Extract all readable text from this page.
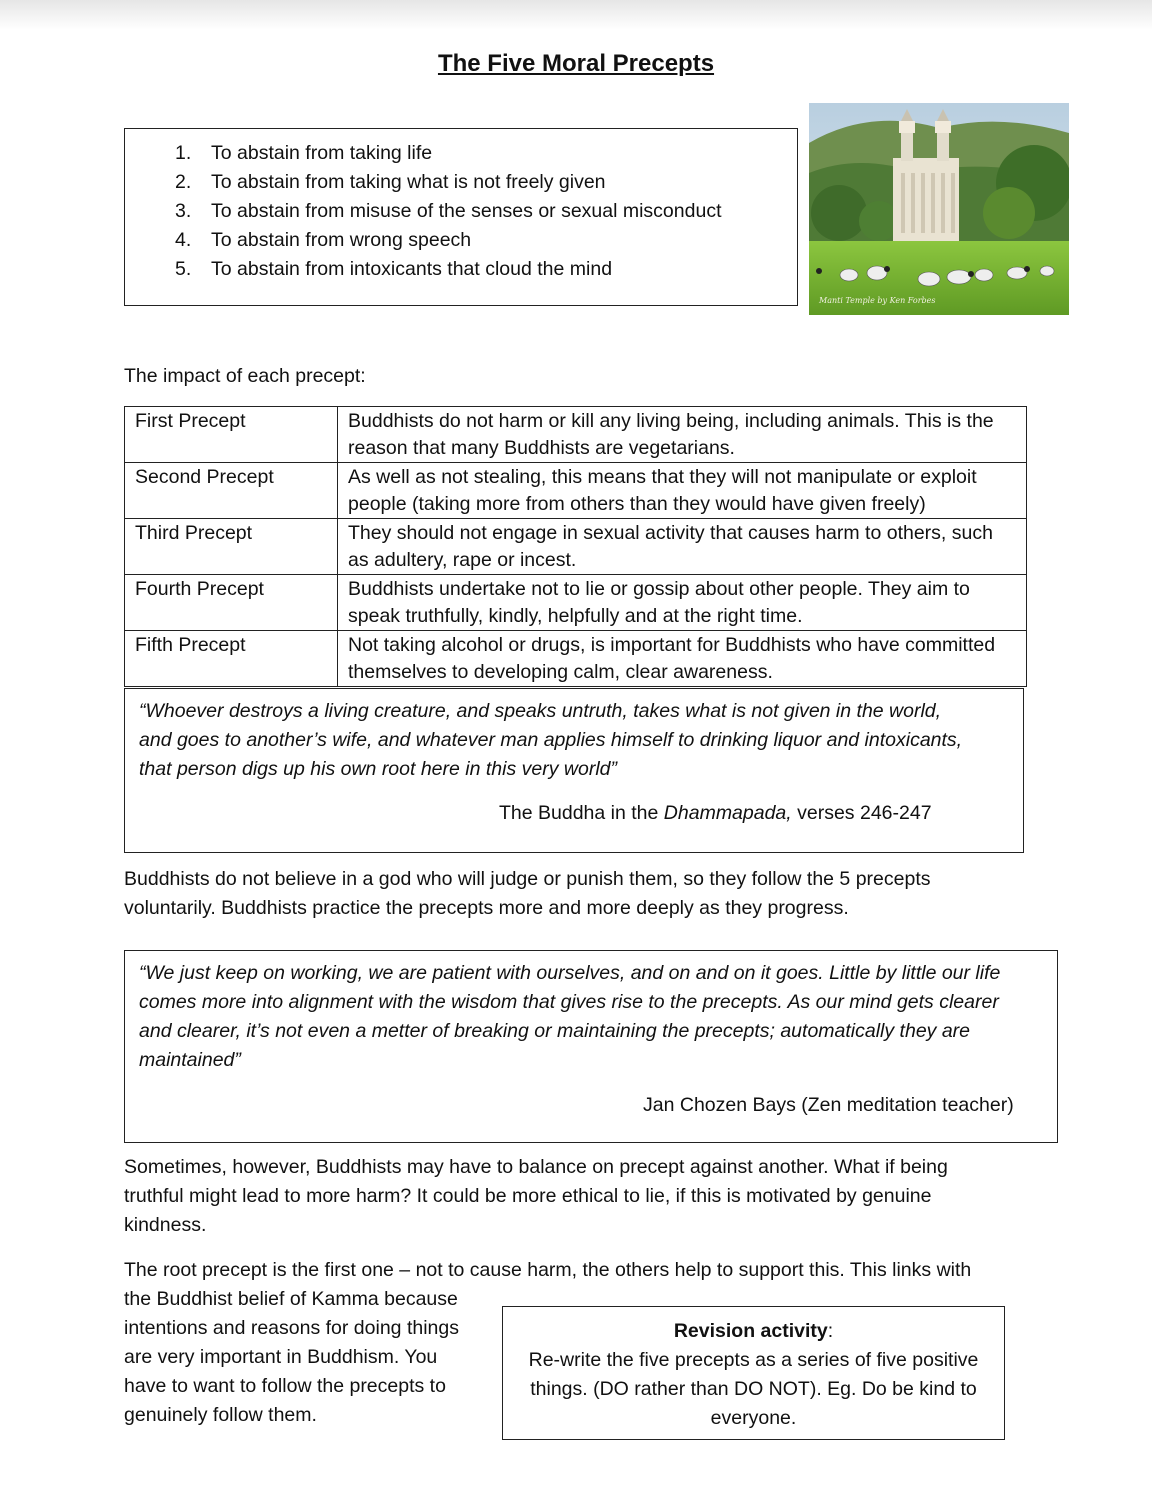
The Five Moral Precepts
1. To abstain from taking life
2. To abstain from taking what is not freely given
3. To abstain from misuse of the senses or sexual misconduct
4. To abstain from wrong speech
5. To abstain from intoxicants that cloud the mind
Manti Temple by Ken Forbes
The impact of each precept:
First Precept	Buddhists do not harm or kill any living being, including animals. This is the reason that many Buddhists are vegetarians.
Second Precept	As well as not stealing, this means that they will not manipulate or exploit people (taking more from others than they would have given freely)
Third Precept	They should not engage in sexual activity that causes harm to others, such as adultery, rape or incest.
Fourth Precept	Buddhists undertake not to lie or gossip about other people. They aim to speak truthfully, kindly, helpfully and at the right time.
Fifth Precept	Not taking alcohol or drugs, is important for Buddhists who have committed themselves to developing calm, clear awareness.
“Whoever destroys a living creature, and speaks untruth, takes what is not given in the world,
and goes to another’s wife, and whatever man applies himself to drinking liquor and intoxicants,
that person digs up his own root here in this very world”
The Buddha in the Dhammapada, verses 246-247
Buddhists do not believe in a god who will judge or punish them, so they follow the 5 precepts
voluntarily. Buddhists practice the precepts more and more deeply as they progress.
“We just keep on working, we are patient with ourselves, and on and on it goes. Little by little our life
comes more into alignment with the wisdom that gives rise to the precepts. As our mind gets clearer
and clearer, it’s not even a metter of breaking or maintaining the precepts; automatically they are
maintained”
Jan Chozen Bays (Zen meditation teacher)
Sometimes, however, Buddhists may have to balance on precept against another. What if being
truthful might lead to more harm? It could be more ethical to lie, if this is motivated by genuine
kindness.
The root precept is the first one – not to cause harm, the others help to support this. This links with
the Buddhist belief of Kamma because
intentions and reasons for doing things
are very important in Buddhism. You
have to want to follow the precepts to
genuinely follow them.
Revision activity:
Re-write the five precepts as a series of five positive
things. (DO rather than DO NOT). Eg. Do be kind to
everyone.
